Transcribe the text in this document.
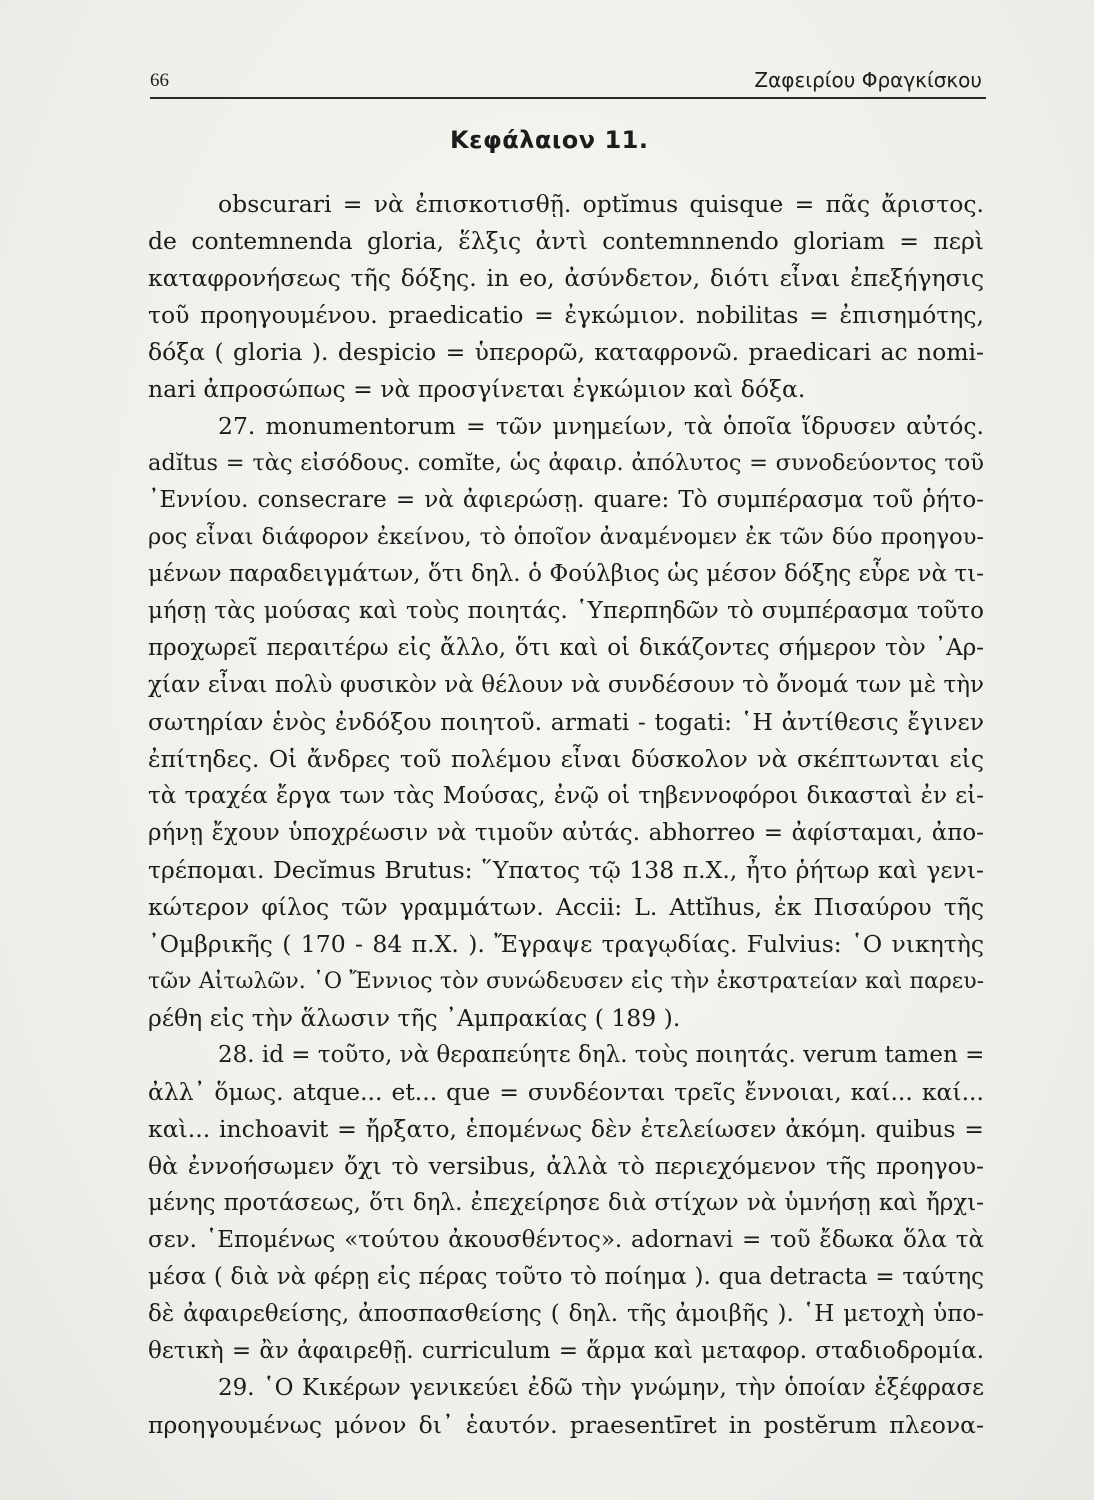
66	Ζαφειρίου Φραγκίσκου
Κεφάλαιον 11.
obscurari = νὰ ἐπισκοτισθῇ. optĭmus quisque = πᾶς ἄριστος.
de contemnenda gloria, ἕλξις ἀντὶ contemnnendo gloriam = περὶ
καταφρονήσεως τῆς δόξης. in eo, ἀσύνδετον, διότι εἶναι ἐπεξήγησις
τοῦ προηγουμένου. praedicatio = ἐγκώμιον. nobilitas = ἐπισημότης,
δόξα ( gloria ). despicio = ὑπερορῶ, καταφρονῶ. praedicari ac nomi-
nari ἀπροσώπως = νὰ προσγίνεται ἐγκώμιον καὶ δόξα.
27. monumentorum = τῶν μνημείων, τὰ ὁποῖα ἵδρυσεν αὐτός.
adĭtus = τὰς εἰσόδους. comĭte, ὡς ἀφαιρ. ἀπόλυτος = συνοδεύοντος τοῦ
᾿Εννίου. consecrare = νὰ ἀφιερώσῃ. quare: Τὸ συμπέρασμα τοῦ ῥήτο-
ρος εἶναι διάφορον ἐκείνου, τὸ ὁποῖον ἀναμένομεν ἐκ τῶν δύο προηγου-
μένων παραδειγμάτων, ὅτι δηλ. ὁ Φούλβιος ὡς μέσον δόξης εὗρε νὰ τι-
μήσῃ τὰς μούσας καὶ τοὺς ποιητάς. ῾Υπερπηδῶν τὸ συμπέρασμα τοῦτο
προχωρεῖ περαιτέρω εἰς ἄλλο, ὅτι καὶ οἱ δικάζοντες σήμερον τὸν ᾿Αρ-
χίαν εἶναι πολὺ φυσικὸν νὰ θέλουν νὰ συνδέσουν τὸ ὄνομά των μὲ τὴν
σωτηρίαν ἑνὸς ἐνδόξου ποιητοῦ. armati - togati: ῾Η ἀντίθεσις ἔγινεν
ἐπίτηδες. Οἱ ἄνδρες τοῦ πολέμου εἶναι δύσκολον νὰ σκέπτωνται εἰς
τὰ τραχέα ἔργα των τὰς Μούσας, ἐνῷ οἱ τηβεννοφόροι δικασταὶ ἐν εἰ-
ρήνῃ ἔχουν ὑποχρέωσιν νὰ τιμοῦν αὐτάς. abhorreo = ἀφίσταμαι, ἀπο-
τρέπομαι. Decĭmus Brutus: ῞Υπατος τῷ 138 π.Χ., ἦτο ῥήτωρ καὶ γενι-
κώτερον φίλος τῶν γραμμάτων. Accii: L. Attĭhus, ἐκ Πισαύρου τῆς
᾿Ομβρικῆς ( 170 - 84 π.Χ. ). Ἔγραψε τραγῳδίας. Fulvius: ῾Ο νικητὴς
τῶν Αἰτωλῶν. ῾Ο Ἔννιος τὸν συνώδευσεν εἰς τὴν ἐκστρατείαν καὶ παρευ-
ρέθη εἰς τὴν ἅλωσιν τῆς ᾿Αμπρακίας ( 189 ).
28. id = τοῦτο, νὰ θεραπεύητε δηλ. τοὺς ποιητάς. verum tamen =
ἀλλ᾿ ὅμως. atque... et... que = συνδέονται τρεῖς ἔννοιαι, καί... καί...
καὶ... inchoavit = ἤρξατο, ἑπομένως δὲν ἐτελείωσεν ἀκόμη. quibus =
θὰ ἐννοήσωμεν ὄχι τὸ versibus, ἀλλὰ τὸ περιεχόμενον τῆς προηγου-
μένης προτάσεως, ὅτι δηλ. ἐπεχείρησε διὰ στίχων νὰ ὑμνήσῃ καὶ ἤρχι-
σεν. ῾Επομένως «τούτου ἀκουσθέντος». adornavi = τοῦ ἔδωκα ὅλα τὰ
μέσα ( διὰ νὰ φέρῃ εἰς πέρας τοῦτο τὸ ποίημα ). qua detracta = ταύτης
δὲ ἀφαιρεθείσης, ἀποσπασθείσης ( δηλ. τῆς ἀμοιβῆς ). ῾Η μετοχὴ ὑπο-
θετικὴ = ἂν ἀφαιρεθῇ. curriculum = ἅρμα καὶ μεταφορ. σταδιοδρομία.
29. ῾Ο Κικέρων γενικεύει ἐδῶ τὴν γνώμην, τὴν ὁποίαν ἐξέφρασε
προηγουμένως μόνον δι᾿ ἑαυτόν. praesentīret in postĕrum πλεονα-
